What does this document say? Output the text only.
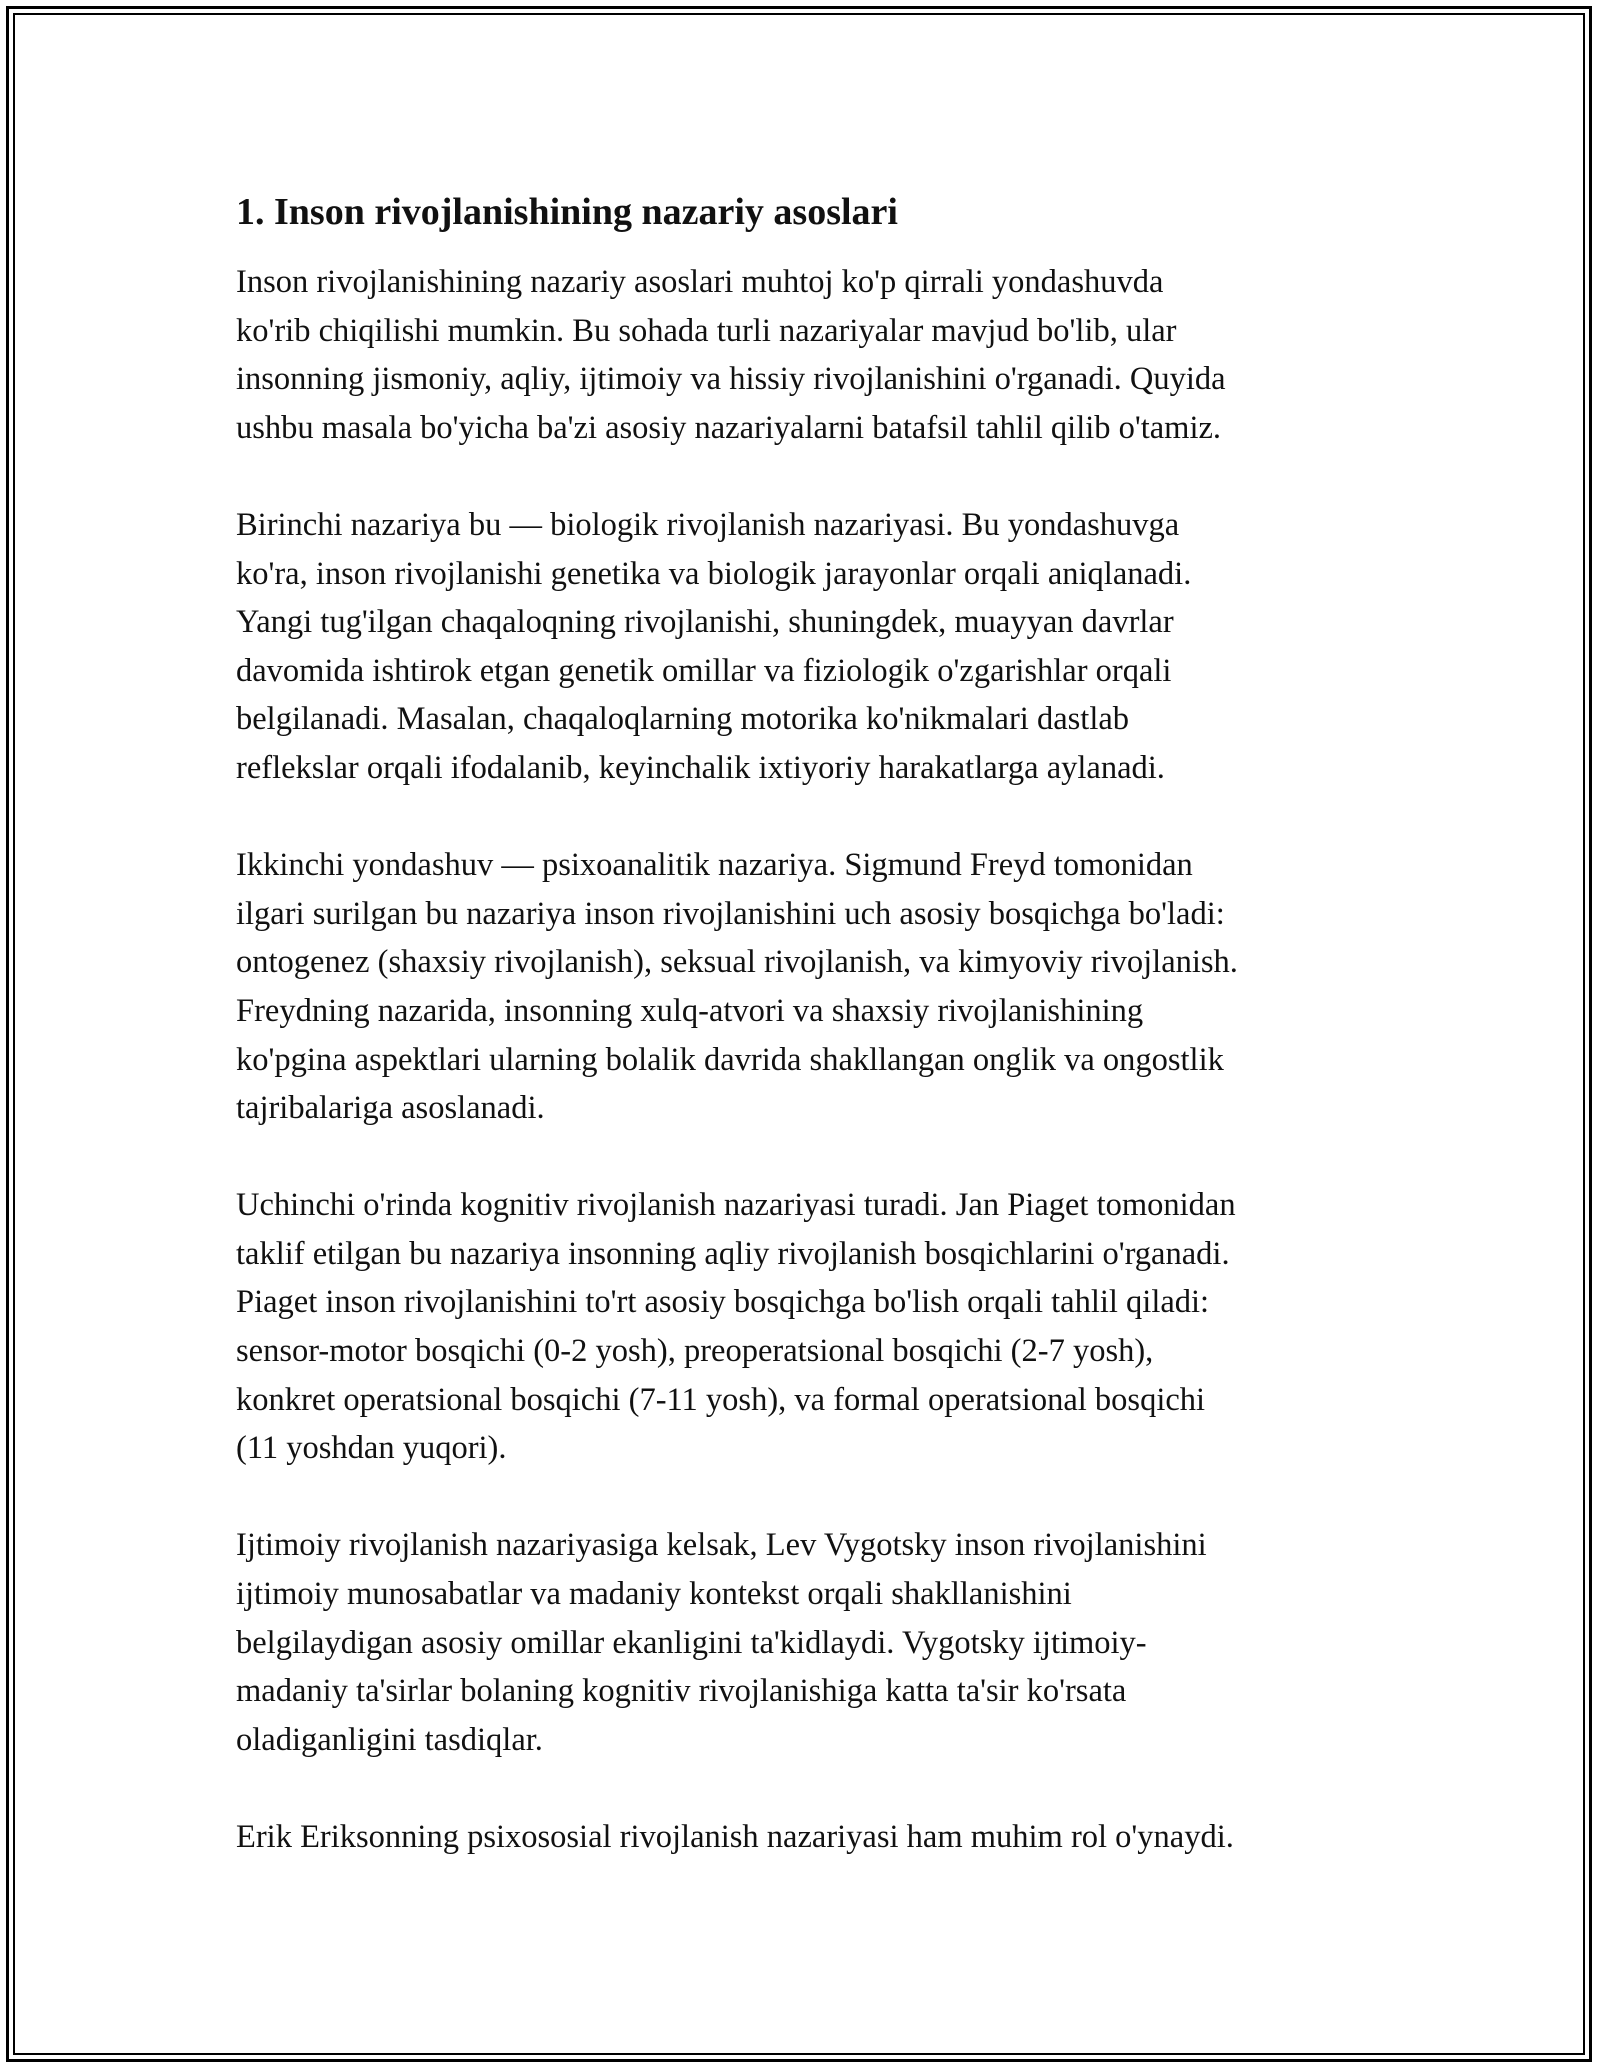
1. Inson rivojlanishining nazariy asoslari
Inson rivojlanishining nazariy asoslari muhtoj ko'p qirrali yondashuvda
ko'rib chiqilishi mumkin. Bu sohada turli nazariyalar mavjud bo'lib, ular
insonning jismoniy, aqliy, ijtimoiy va hissiy rivojlanishini o'rganadi. Quyida
ushbu masala bo'yicha ba'zi asosiy nazariyalarni batafsil tahlil qilib o'tamiz.
Birinchi nazariya bu — biologik rivojlanish nazariyasi. Bu yondashuvga
ko'ra, inson rivojlanishi genetika va biologik jarayonlar orqali aniqlanadi.
Yangi tug'ilgan chaqaloqning rivojlanishi, shuningdek, muayyan davrlar
davomida ishtirok etgan genetik omillar va fiziologik o'zgarishlar orqali
belgilanadi. Masalan, chaqaloqlarning motorika ko'nikmalari dastlab
reflekslar orqali ifodalanib, keyinchalik ixtiyoriy harakatlarga aylanadi.
Ikkinchi yondashuv — psixoanalitik nazariya. Sigmund Freyd tomonidan
ilgari surilgan bu nazariya inson rivojlanishini uch asosiy bosqichga bo'ladi:
ontogenez (shaxsiy rivojlanish), seksual rivojlanish, va kimyoviy rivojlanish.
Freydning nazarida, insonning xulq-atvori va shaxsiy rivojlanishining
ko'pgina aspektlari ularning bolalik davrida shakllangan onglik va ongostlik
tajribalariga asoslanadi.
Uchinchi o'rinda kognitiv rivojlanish nazariyasi turadi. Jan Piaget tomonidan
taklif etilgan bu nazariya insonning aqliy rivojlanish bosqichlarini o'rganadi.
Piaget inson rivojlanishini to'rt asosiy bosqichga bo'lish orqali tahlil qiladi:
sensor-motor bosqichi (0-2 yosh), preoperatsional bosqichi (2-7 yosh),
konkret operatsional bosqichi (7-11 yosh), va formal operatsional bosqichi
(11 yoshdan yuqori).
Ijtimoiy rivojlanish nazariyasiga kelsak, Lev Vygotsky inson rivojlanishini
ijtimoiy munosabatlar va madaniy kontekst orqali shakllanishini
belgilaydigan asosiy omillar ekanligini ta'kidlaydi. Vygotsky ijtimoiy-
madaniy ta'sirlar bolaning kognitiv rivojlanishiga katta ta'sir ko'rsata
oladiganligini tasdiqlar.
Erik Eriksonning psixososial rivojlanish nazariyasi ham muhim rol o'ynaydi.
